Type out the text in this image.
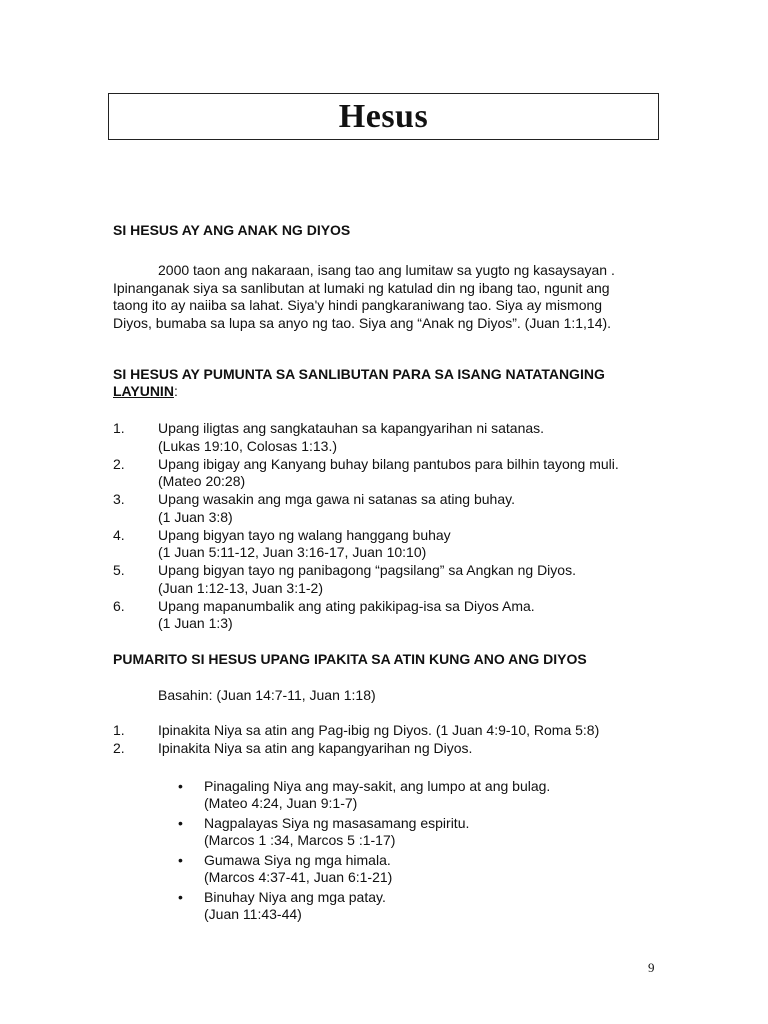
Hesus
SI HESUS AY ANG ANAK NG DIYOS
2000 taon ang nakaraan, isang tao ang lumitaw sa yugto ng kasaysayan .
Ipinanganak siya sa sanlibutan at lumaki ng katulad din ng ibang tao, ngunit ang
taong ito ay naiiba sa lahat. Siya'y hindi pangkaraniwang tao. Siya ay mismong
Diyos, bumaba sa lupa sa anyo ng tao. Siya ang “Anak ng Diyos”. (Juan 1:1,14).
SI HESUS AY PUMUNTA SA SANLIBUTAN PARA SA ISANG NATATANGING
LAYUNIN:
1. Upang iligtas ang sangkatauhan sa kapangyarihan ni satanas.
(Lukas 19:10, Colosas 1:13.)
2. Upang ibigay ang Kanyang buhay bilang pantubos para bilhin tayong muli.
(Mateo 20:28)
3. Upang wasakin ang mga gawa ni satanas sa ating buhay.
(1 Juan 3:8)
4. Upang bigyan tayo ng walang hanggang buhay
(1 Juan 5:11-12, Juan 3:16-17, Juan 10:10)
5. Upang bigyan tayo ng panibagong “pagsilang” sa Angkan ng Diyos.
(Juan 1:12-13, Juan 3:1-2)
6. Upang mapanumbalik ang ating pakikipag-isa sa Diyos Ama.
(1 Juan 1:3)
PUMARITO SI HESUS UPANG IPAKITA SA ATIN KUNG ANO ANG DIYOS
Basahin: (Juan 14:7-11, Juan 1:18)
1. Ipinakita Niya sa atin ang Pag-ibig ng Diyos. (1 Juan 4:9-10, Roma 5:8)
2. Ipinakita Niya sa atin ang kapangyarihan ng Diyos.
• Pinagaling Niya ang may-sakit, ang lumpo at ang bulag.
(Mateo 4:24, Juan 9:1-7)
• Nagpalayas Siya ng masasamang espiritu.
(Marcos 1 :34, Marcos 5 :1-17)
• Gumawa Siya ng mga himala.
(Marcos 4:37-41, Juan 6:1-21)
• Binuhay Niya ang mga patay.
(Juan 11:43-44)
9
